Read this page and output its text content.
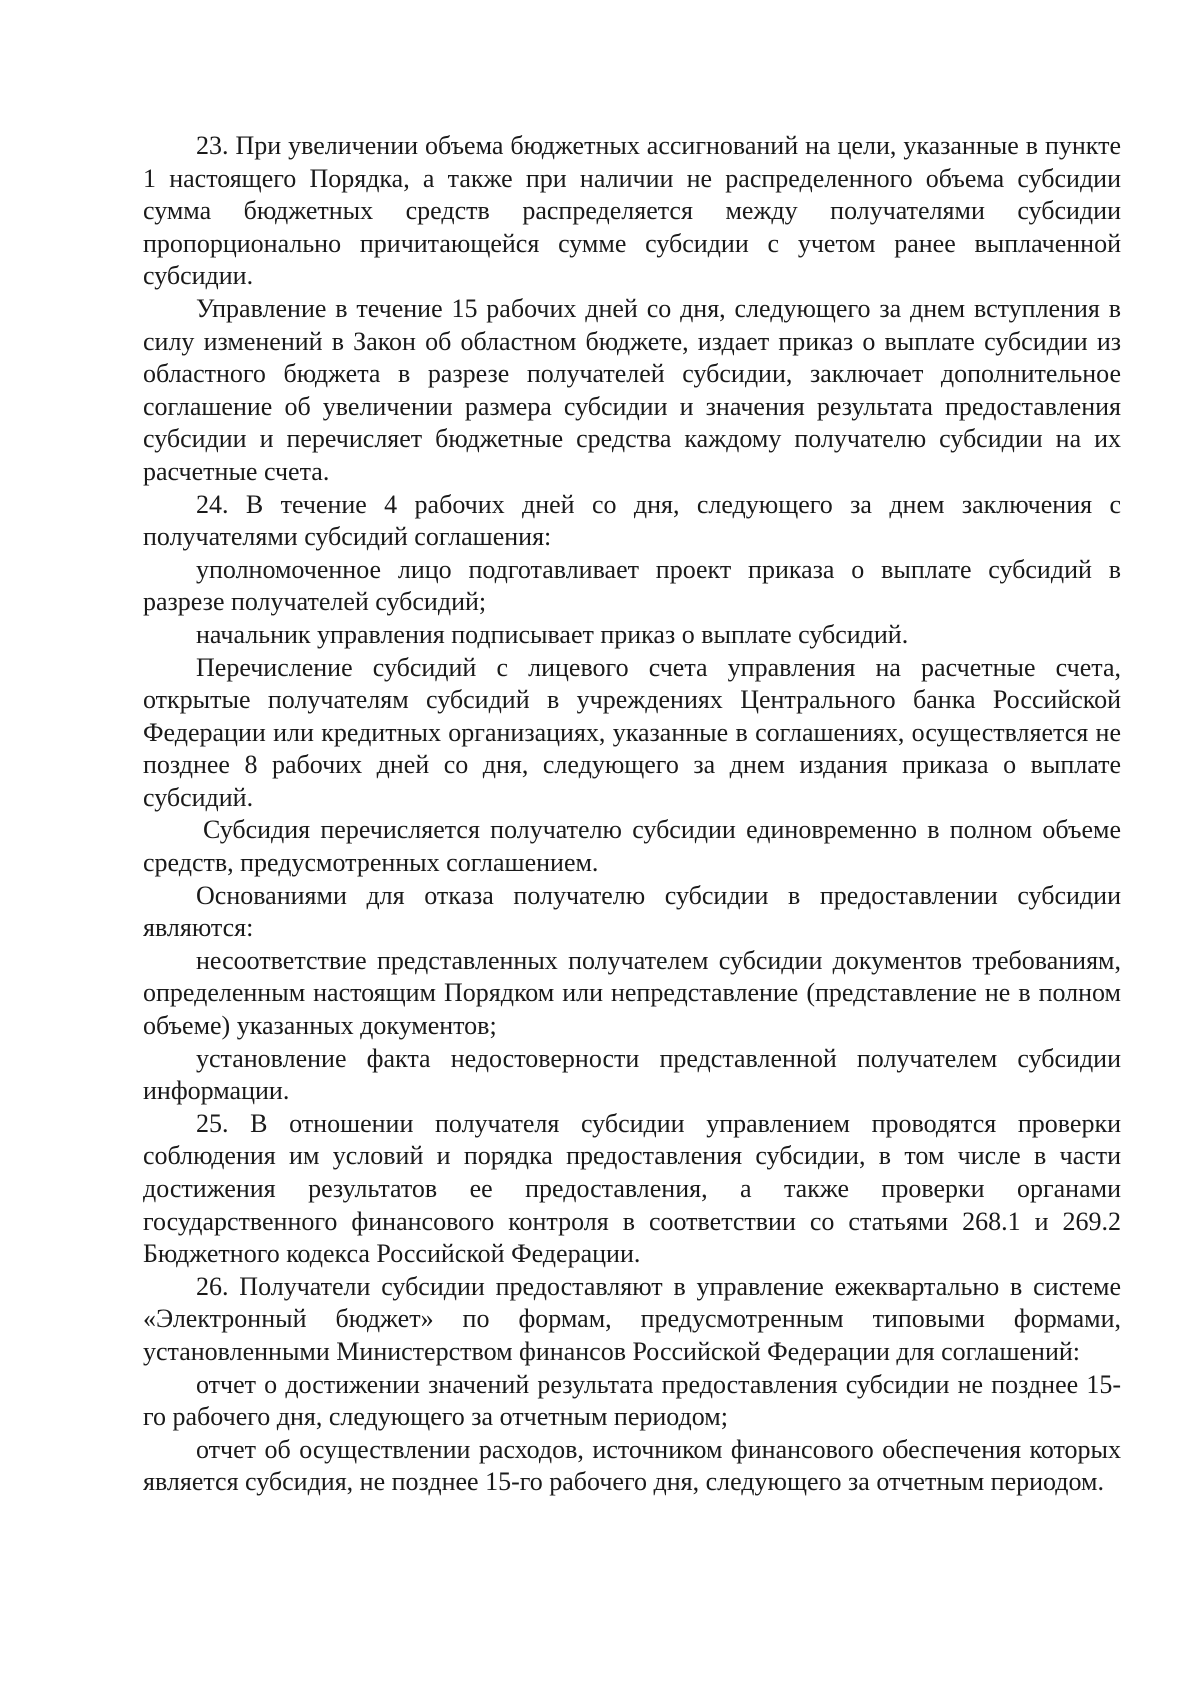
23. При увеличении объема бюджетных ассигнований на цели, указанные в пункте 1 настоящего Порядка, а также при наличии не распределенного объема субсидии сумма бюджетных средств распределяется между получателями субсидии пропорционально причитающейся сумме субсидии с учетом ранее выплаченной субсидии.

Управление в течение 15 рабочих дней со дня, следующего за днем вступления в силу изменений в Закон об областном бюджете, издает приказ о выплате субсидии из областного бюджета в разрезе получателей субсидии, заключает дополнительное соглашение об увеличении размера субсидии и значения результата предоставления субсидии и перечисляет бюджетные средства каждому получателю субсидии на их расчетные счета.

24. В течение 4 рабочих дней со дня, следующего за днем заключения с получателями субсидий соглашения:

уполномоченное лицо подготавливает проект приказа о выплате субсидий в разрезе получателей субсидий;

начальник управления подписывает приказ о выплате субсидий.

Перечисление субсидий с лицевого счета управления на расчетные счета, открытые получателям субсидий в учреждениях Центрального банка Российской Федерации или кредитных организациях, указанные в соглашениях, осуществляется не позднее 8 рабочих дней со дня, следующего за днем издания приказа о выплате субсидий.

Субсидия перечисляется получателю субсидии единовременно в полном объеме средств, предусмотренных соглашением.

Основаниями для отказа получателю субсидии в предоставлении субсидии являются:

несоответствие представленных получателем субсидии документов требованиям, определенным настоящим Порядком или непредставление (представление не в полном объеме) указанных документов;

установление факта недостоверности представленной получателем субсидии информации.

25. В отношении получателя субсидии управлением проводятся проверки соблюдения им условий и порядка предоставления субсидии, в том числе в части достижения результатов ее предоставления, а также проверки органами государственного финансового контроля в соответствии со статьями 268.1 и 269.2 Бюджетного кодекса Российской Федерации.

26. Получатели субсидии предоставляют в управление ежеквартально в системе «Электронный бюджет» по формам, предусмотренным типовыми формами, установленными Министерством финансов Российской Федерации для соглашений:

отчет о достижении значений результата предоставления субсидии не позднее 15-го рабочего дня, следующего за отчетным периодом;

отчет об осуществлении расходов, источником финансового обеспечения которых является субсидия, не позднее 15-го рабочего дня, следующего за отчетным периодом.
